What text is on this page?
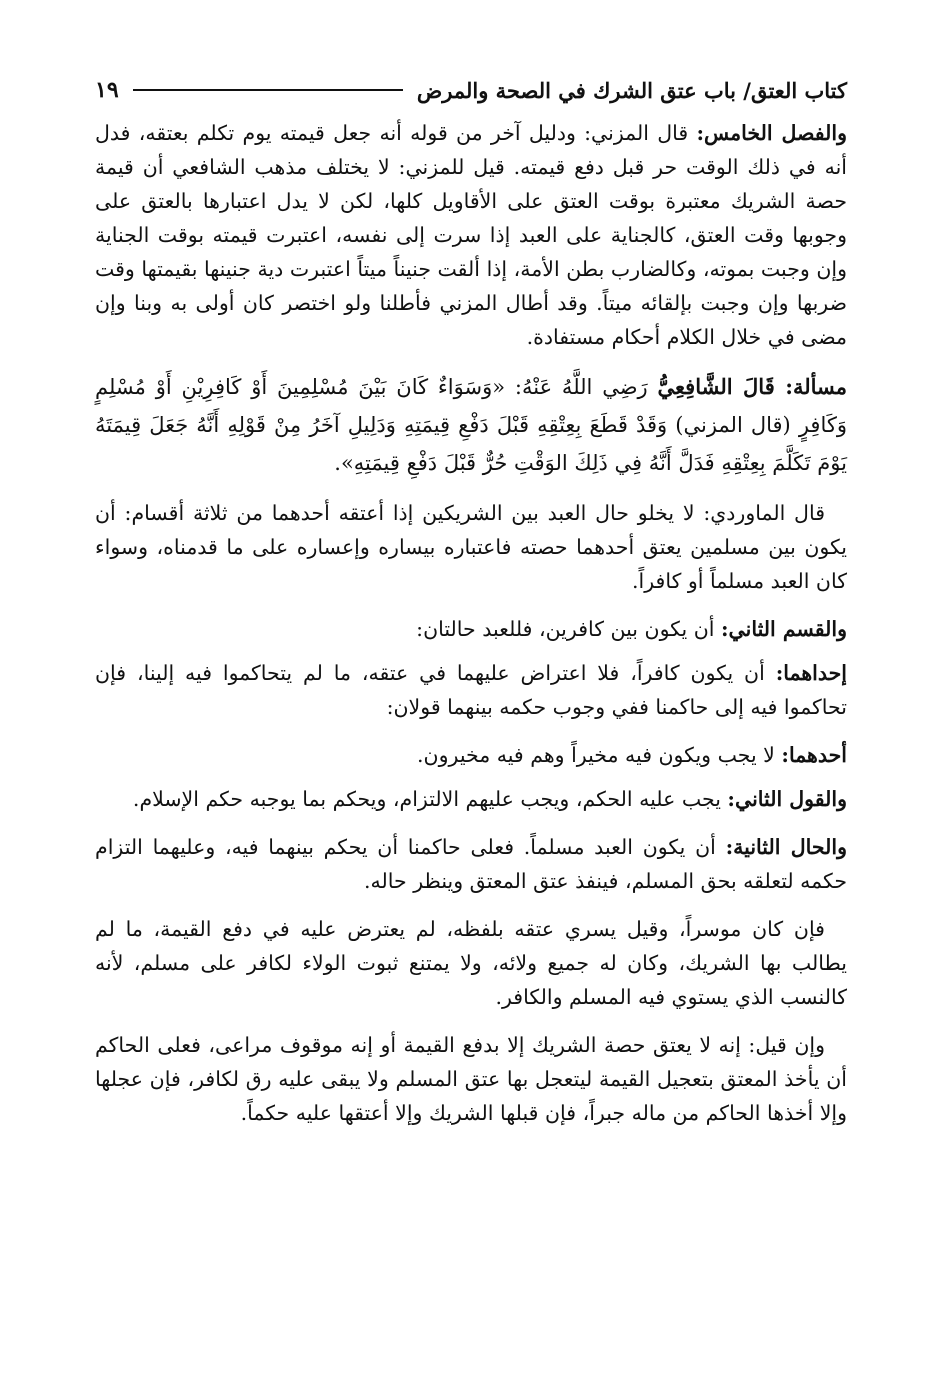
كتاب العتق/ باب عتق الشرك في الصحة والمرض
١٩

والفصل الخامس: قال المزني: ودليل آخر من قوله أنه جعل قيمته يوم تكلم بعتقه، فدل أنه في ذلك الوقت حر قبل دفع قيمته. قيل للمزني: لا يختلف مذهب الشافعي أن قيمة حصة الشريك معتبرة بوقت العتق على الأقاويل كلها، لكن لا يدل اعتبارها بالعتق على وجوبها وقت العتق، كالجناية على العبد إذا سرت إلى نفسه، اعتبرت قيمته بوقت الجناية وإن وجبت بموته، وكالضارب بطن الأمة، إذا ألقت جنيناً ميتاً اعتبرت دية جنينها بقيمتها وقت ضربها وإن وجبت بإلقائه ميتاً. وقد أطال المزني فأطلنا ولو اختصر كان أولى به وبنا وإن مضى في خلال الكلام أحكام مستفادة.

مسألة: قَالَ الشَّافِعِيُّ رَضِي اللَّهُ عَنْهُ: «وَسَوَاءٌ كَانَ بَيْنَ مُسْلِمِينَ أَوْ كَافِرِيْنِ أَوْ مُسْلِمٍ وَكَافِرٍ (قال المزني) وَقَدْ قَطَعَ بِعِتْقِهِ قَبْلَ دَفْعِ قِيمَتِهِ وَدَلِيلِ آخَرُ مِنْ قَوْلِهِ أَنَّهُ جَعَلَ قِيمَتَهُ يَوْمَ تَكَلَّمَ بِعِتْقِهِ فَدَلَّ أَنَّهُ فِي ذَلِكَ الوَقْتِ حُرٌّ قَبْلَ دَفْعِ قِيمَتِهِ».

قال الماوردي: لا يخلو حال العبد بين الشريكين إذا أعتقه أحدهما من ثلاثة أقسام: أن يكون بين مسلمين يعتق أحدهما حصته فاعتباره بيساره وإعساره على ما قدمناه، وسواء كان العبد مسلماً أو كافراً.

والقسم الثاني: أن يكون بين كافرين، فللعبد حالتان:

إحداهما: أن يكون كافراً، فلا اعتراض عليهما في عتقه، ما لم يتحاكموا فيه إلينا، فإن تحاكموا فيه إلى حاكمنا ففي وجوب حكمه بينهما قولان:

أحدهما: لا يجب ويكون فيه مخيراً وهم فيه مخيرون.

والقول الثاني: يجب عليه الحكم، ويجب عليهم الالتزام، ويحكم بما يوجبه حكم الإسلام.

والحال الثانية: أن يكون العبد مسلماً. فعلى حاكمنا أن يحكم بينهما فيه، وعليهما التزام حكمه لتعلقه بحق المسلم، فينفذ عتق المعتق وينظر حاله.

فإن كان موسراً، وقيل يسري عتقه بلفظه، لم يعترض عليه في دفع القيمة، ما لم يطالب بها الشريك، وكان له جميع ولائه، ولا يمتنع ثبوت الولاء لكافر على مسلم، لأنه كالنسب الذي يستوي فيه المسلم والكافر.

وإن قيل: إنه لا يعتق حصة الشريك إلا بدفع القيمة أو إنه موقوف مراعى، فعلى الحاكم أن يأخذ المعتق بتعجيل القيمة ليتعجل بها عتق المسلم ولا يبقى عليه رق لكافر، فإن عجلها وإلا أخذها الحاكم من ماله جبراً، فإن قبلها الشريك وإلا أعتقها عليه حكماً.
